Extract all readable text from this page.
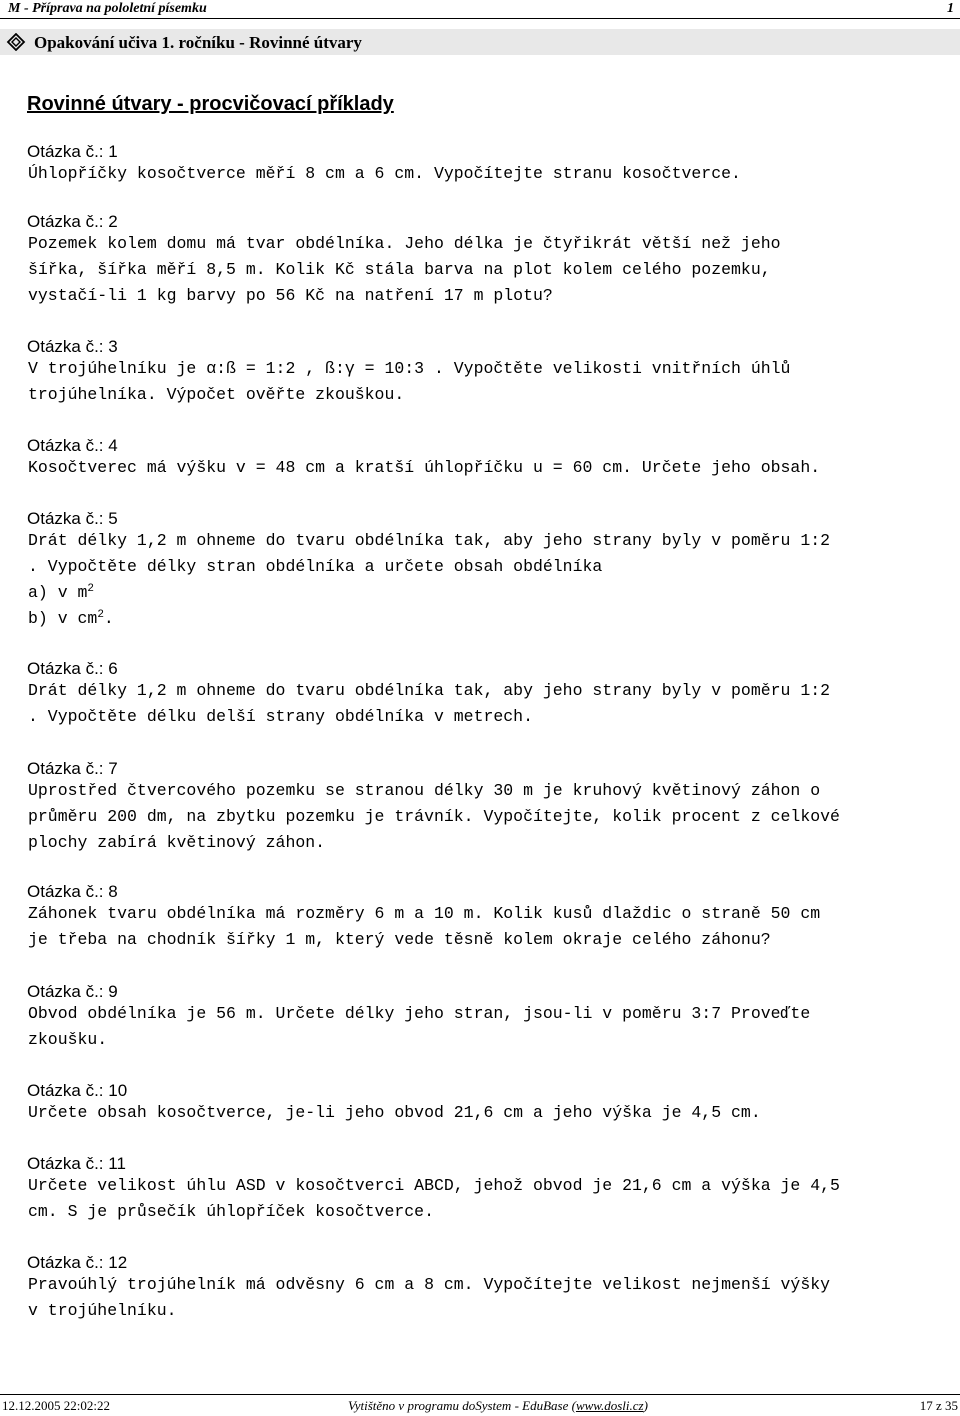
M - Příprava na pololetní písemku	1
Opakování učiva 1. ročníku - Rovinné útvary
Rovinné útvary - procvičovací příklady
Otázka č.: 1
Úhlopříčky kosočtverce měří 8 cm a 6 cm. Vypočítejte stranu kosočtverce.
Otázka č.: 2
Pozemek kolem domu má tvar obdélníka. Jeho délka je čtyřikrát větší než jeho
šířka, šířka měří 8,5 m. Kolik Kč stála barva na plot kolem celého pozemku,
vystačí-li 1 kg barvy po 56 Kč na natření 17 m plotu?
Otázka č.: 3
V trojúhelníku je α:ß = 1:2 , ß:γ = 10:3 . Vypočtěte velikosti vnitřních úhlů
trojúhelníka. Výpočet ověřte zkouškou.
Otázka č.: 4
Kosočtverec má výšku v = 48 cm a kratší úhlopříčku u = 60 cm. Určete jeho obsah.
Otázka č.: 5
Drát délky 1,2 m ohneme do tvaru obdélníka tak, aby jeho strany byly v poměru 1:2
. Vypočtěte délky stran obdélníka a určete obsah obdélníka
a) v $m^2$
b) v $cm^2$.
Otázka č.: 6
Drát délky 1,2 m ohneme do tvaru obdélníka tak, aby jeho strany byly v poměru 1:2
. Vypočtěte délku delší strany obdélníka v metrech.
Otázka č.: 7
Uprostřed čtvercového pozemku se stranou délky 30 m je kruhový květinový záhon o
průměru 200 dm, na zbytku pozemku je trávník. Vypočítejte, kolik procent z celkové
plochy zabírá květinový záhon.
Otázka č.: 8
Záhonek tvaru obdélníka má rozměry 6 m a 10 m. Kolik kusů dlaždic o straně 50 cm
je třeba na chodník šířky 1 m, který vede těsně kolem okraje celého záhonu?
Otázka č.: 9
Obvod obdélníka je 56 m. Určete délky jeho stran, jsou-li v poměru 3:7 Proveďte
zkoušku.
Otázka č.: 10
Určete obsah kosočtverce, je-li jeho obvod 21,6 cm a jeho výška je 4,5 cm.
Otázka č.: 11
Určete velikost úhlu ASD v kosočtverci ABCD, jehož obvod je 21,6 cm a výška je 4,5
cm. S je průsečík úhlopříček kosočtverce.
Otázka č.: 12
Pravoúhlý trojúhelník má odvěsny 6 cm a 8 cm. Vypočítejte velikost nejmenší výšky
v trojúhelníku.
12.12.2005 22:02:22	Vytištěno v programu doSystem - EduBase (www.dosli.cz)	17 z 35
